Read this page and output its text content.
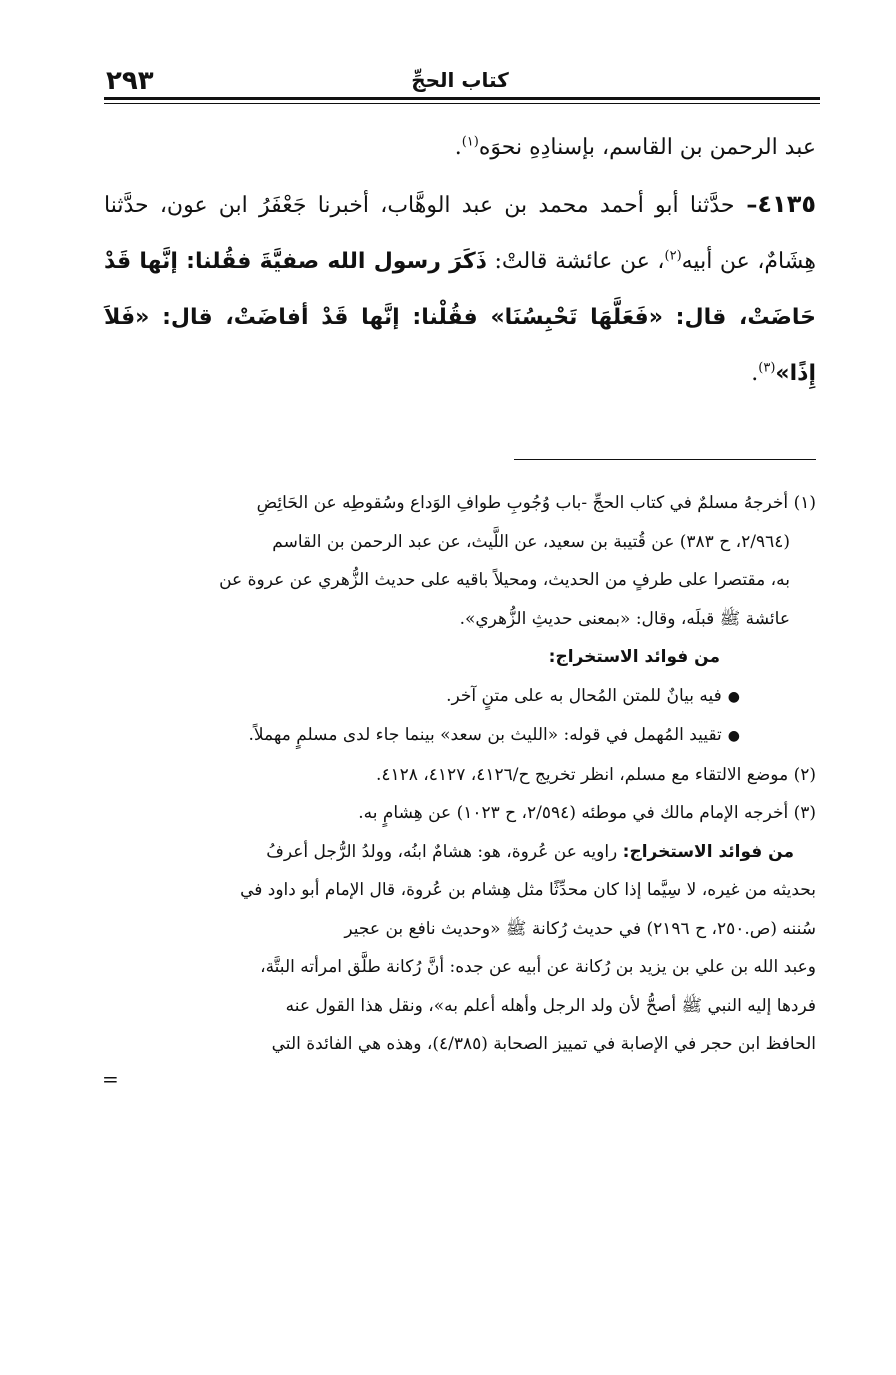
٢٩٣	كتاب الحجِّ

عبد الرحمن بن القاسم، بإسنادِهِ نحوَه$^{(١)}$.

٤١٣٥– حدَّثنا أبو أحمد محمد بن عبد الوهَّاب، أخبرنا جَعْفَرُ ابن عون، حدَّثنا هِشَامٌ، عن أبيه$^{(٢)}$، عن عائشة قالتْ: ذَكَرَ رسول الله صفيَّةَ فقُلنا: إنَّها قَدْ حَاضَتْ، قال: «فَعَلَّهَا تَحْبِسُنَا» فقُلْنا: إنَّها قَدْ أفاضَتْ، قال: «فَلاَ إِذًا»$^{(٣)}$.

(١) أخرجهُ مسلمٌ في كتاب الحجِّ -باب وُجُوبِ طوافِ الوَداع وسُقوطِه عن الحَائِضِ

(٢/٩٦٤، ح ٣٨٣) عن قُتيبة بن سعيد، عن اللَّيث، عن عبد الرحمن بن القاسم

به، مقتصرا على طرفٍ من الحديث، ومحيلاً باقيه على حديث الزُّهري عن عروة عن

عائشة ﷺ قبلَه، وقال: «بمعنى حديثِ الزُّهري».

من فوائد الاستخراج:

●فيه بيانٌ للمتن المُحال به على متنٍ آخر.

●تقييد المُهمل في قوله: «الليث بن سعد» بينما جاء لدى مسلمٍ مهملاً.

(٢) موضع الالتقاء مع مسلم، انظر تخريج ح/٤١٢٦، ٤١٢٧، ٤١٢٨.

(٣) أخرجه الإمام مالك في موطئه (٢/٥٩٤، ح ١٠٢٣) عن هِشامٍ به.

من فوائد الاستخراج: راويه عن عُروة، هو: هشامٌ ابنُه، وولدُ الرُّجل أعرفُ

بحديثه من غيره، لا سِيَّما إذا كان محدِّثًا مثل هِشام بن عُروة، قال الإمام أبو داود في

سُننه (ص.٢٥٠، ح ٢١٩٦) في حديث رُكانة ﷺ «وحديث نافع بن عجير

وعبد الله بن علي بن يزيد بن رُكانة عن أبيه عن جده: أنَّ رُكانة طلَّق امرأته البتَّة،

فردها إليه النبي ﷺ أصحُّ لأن ولد الرجل وأهله أعلم به»، ونقل هذا القول عنه

الحافظ ابن حجر في الإصابة في تمييز الصحابة (٤/٣٨٥)، وهذه هي الفائدة التي

=
